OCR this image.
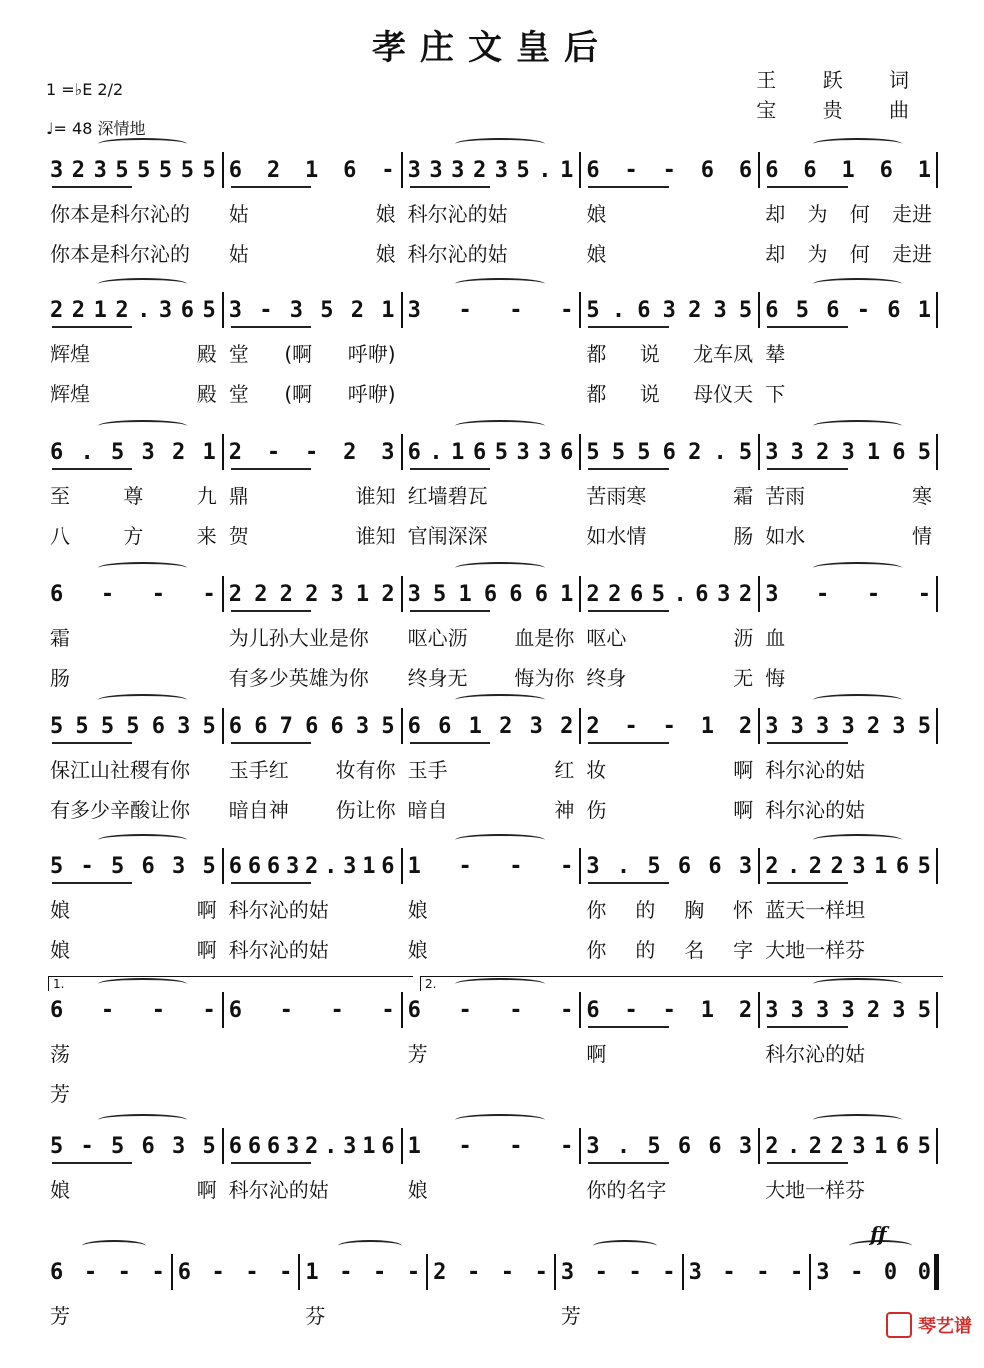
孝庄文皇后
王 跃 词
宝 贵 曲
1 =♭E 2/2
♩= 48 深情地
3 2 3 5 5 5 5 5 6 2 1 6 - 3 3 3 2 3 5 . 1 6 - - 6 6 6 6 1 6 1
你本是科尔沁的 姑	娘 科尔沁的姑	娘	却 为 何 走进
你本是科尔沁的 姑	娘 科尔沁的姑	娘	却 为 何 走进
2 2 1 2 . 3 6 5 3 - 3 5 2 1 3 - - - 5 . 6 3 2 3 5 6 5 6 - 6 1
辉煌	殿 堂 (啊 呼咿)	都 说 龙车凤 辇
辉煌	殿 堂 (啊 呼咿)	都 说 母仪天 下
6 . 5 3 2 1 2 - - 2 3 6 . 1 6 5 3 3 6 5 5 5 6 2 . 5 3 3 2 3 1 6 5
至	尊	九 鼎	谁知 红墙碧瓦	苦雨寒	霜 苦雨	寒
八	方	来 贺	谁知 官闱深深	如水情	肠 如水	情
6 - - - 2 2 2 2 3 1 2 3 5 1 6 6 6 1 2 2 6 5 . 6 3 2 3 - - -
霜	为儿孙大业是你 呕心沥 血是你 呕心	沥 血
肠	有多少英雄为你 终身无 悔为你 终身	无 悔
5 5 5 5 6 3 5 6 6 7 6 6 3 5 6 6 1 2 3 2 2 - - 1 2 3 3 3 3 2 3 5
保江山社稷有你 玉手红 妆有你 玉手	红 妆	啊 科尔沁的姑
有多少辛酸让你 暗自神 伤让你 暗自	神 伤	啊 科尔沁的姑
5 - 5 6 3 5 6 6 6 3 2 . 3 1 6 1 - - - 3 . 5 6 6 3 2 . 2 2 3 1 6 5
娘	啊 科尔沁的姑	娘	你 的 胸 怀 蓝天一样坦
娘	啊 科尔沁的姑	娘	你 的 名 字 大地一样芬
6 - - - 6 - - - 6 - - - 6 - - 1 2 3 3 3 3 2 3 5
荡	芳	啊	科尔沁的姑
芳
5 - 5 6 3 5 6 6 6 3 2 . 3 1 6 1 - - - 3 . 5 6 6 3 2 . 2 2 3 1 6 5
娘	啊 科尔沁的姑	娘	你的名字	大地一样芬
6 - - - 6 - - - 1 - - - 2 - - - 3 - - - 3 - - - 3 - 0 0
芳	芬	芳
1.	2.
ff
琴艺谱
